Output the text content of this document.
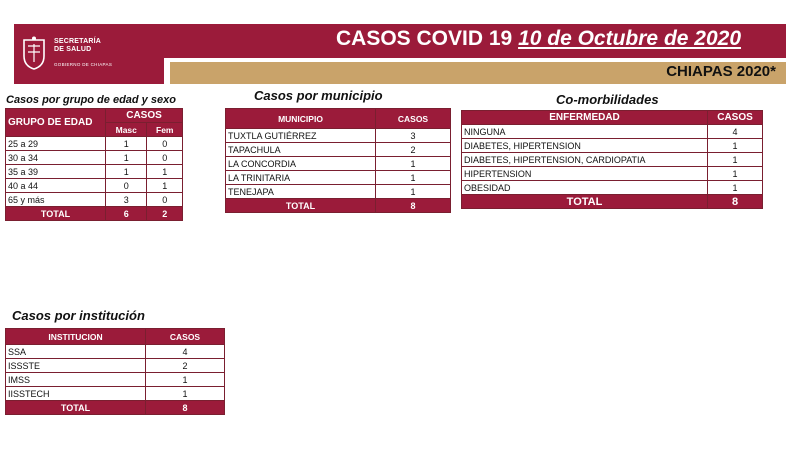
SECRETARÍA
DE SALUD
GOBIERNO DE CHIAPAS
CASOS COVID 19 10 de Octubre de 2020
CHIAPAS 2020*
Casos por grupo de edad y sexo
GRUPO DE EDAD	CASOS	
	Masc	Fem
25 a 29	1	0
30 a 34	1	0
35 a 39	1	1
40 a 44	0	1
65 y más	3	0
TOTAL	6	2
Casos por municipio
MUNICIPIO	CASOS
TUXTLA GUTIÉRREZ	3
TAPACHULA	2
LA CONCORDIA	1
LA TRINITARIA	1
TENEJAPA	1
TOTAL	8
Co-morbilidades
ENFERMEDAD	CASOS
NINGUNA	4
DIABETES, HIPERTENSION	1
DIABETES, HIPERTENSION, CARDIOPATIA	1
HIPERTENSION	1
OBESIDAD	1
TOTAL	8
Casos por institución
INSTITUCION	CASOS
SSA	4
ISSSTE	2
IMSS	1
IISSTECH	1
TOTAL	8
